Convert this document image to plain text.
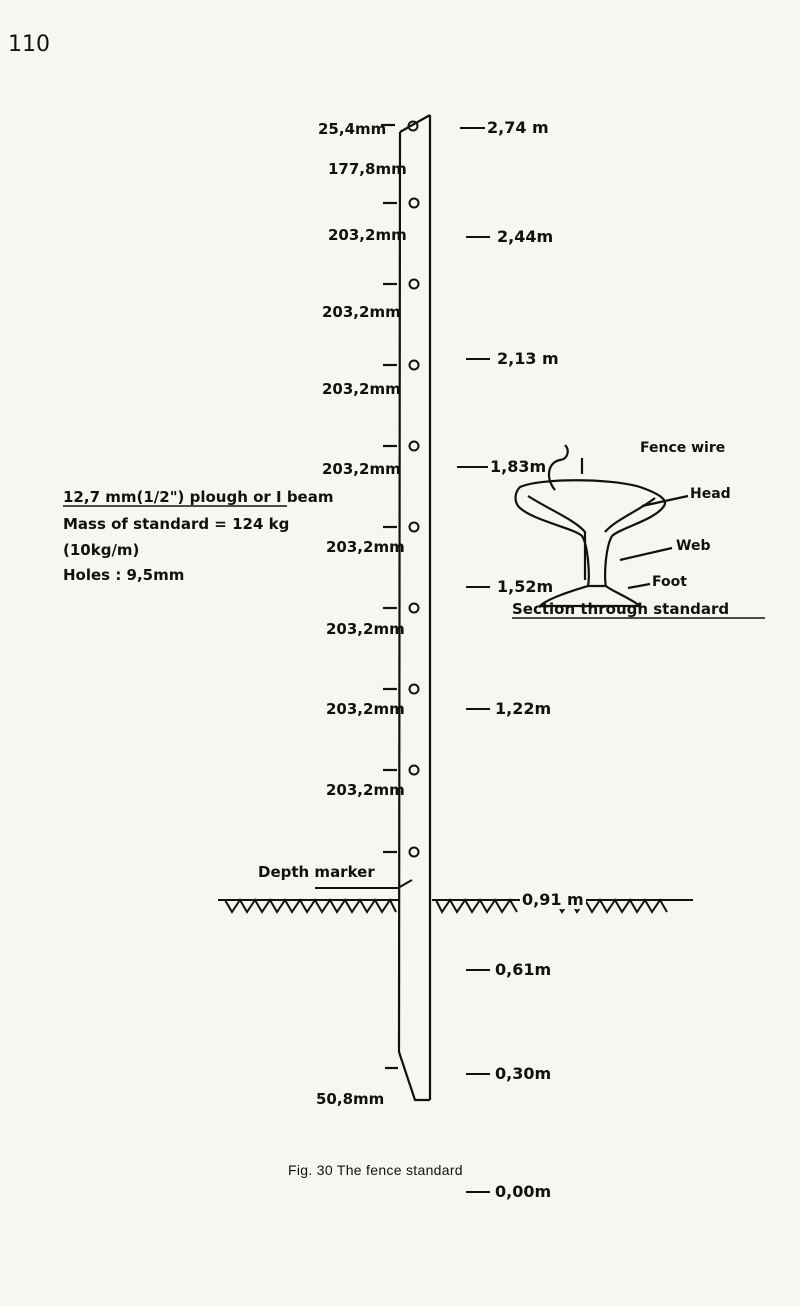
110
25,4mm
177,8mm
203,2mm
203,2mm
203,2mm
203,2mm
203,2mm
203,2mm
203,2mm
203,2mm
50,8mm
Depth marker
2,74 m
2,44m
2,13 m
1,83m
1,52m
1,22m
0,91 m
0,61m
0,30m
0,00m
Fence wire
Head
Web
Foot
Section through standard
12,7 mm(1/2") plough or I beam
Mass of standard = 124 kg
(10kg/m)
Holes : 9,5mm
Fig. 30 The fence standard
